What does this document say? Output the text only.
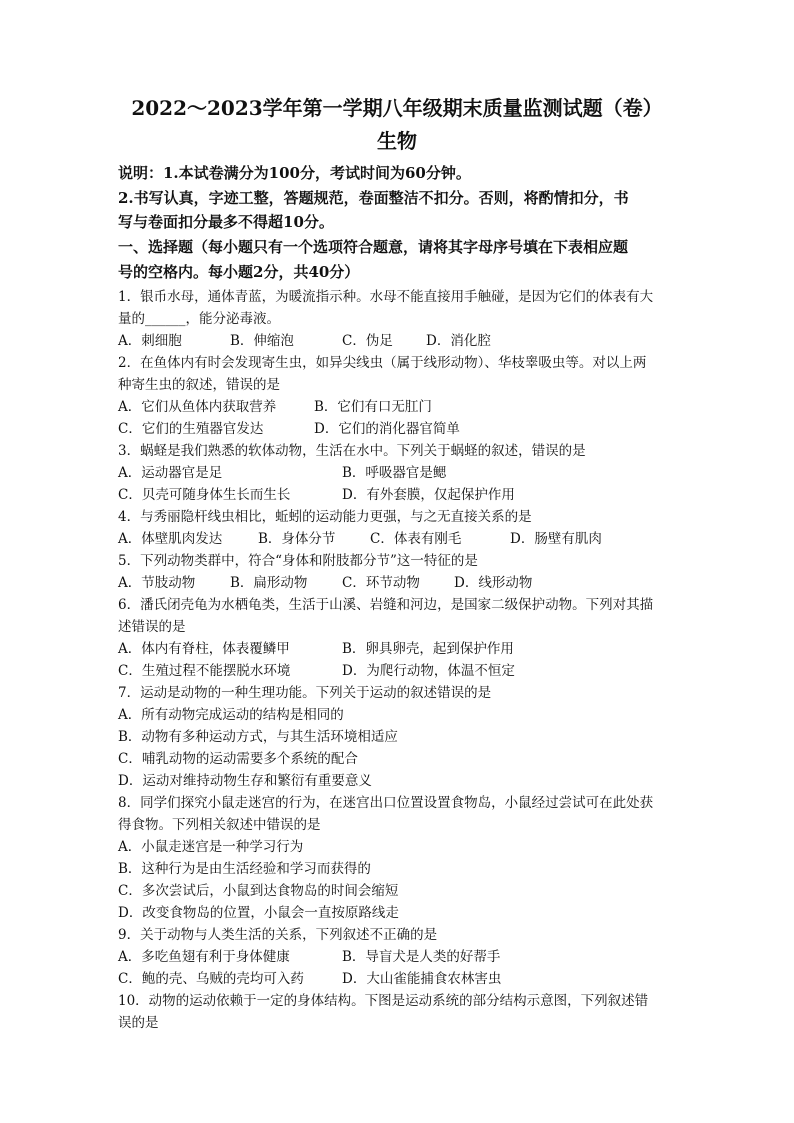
2022～2023学年第一学期八年级期末质量监测试题（卷）
生物
说明：1.本试卷满分为100分，考试时间为60分钟。
2.书写认真，字迹工整，答题规范，卷面整洁不扣分。否则，将酌情扣分，书
写与卷面扣分最多不得超10分。
一、选择题（每小题只有一个选项符合题意，请将其字母序号填在下表相应题
号的空格内。每小题2分，共40分）
1．银币水母，通体青蓝，为暖流指示种。水母不能直接用手触碰，是因为它们的体表有大
量的______，能分泌毒液。
A．刺细胞	B．伸缩泡	C．伪足 D．消化腔
2．在鱼体内有时会发现寄生虫，如异尖线虫（属于线形动物）、华枝睾吸虫等。对以上两
种寄生虫的叙述，错误的是
A．它们从鱼体内获取营养	B．它们有口无肛门
C．它们的生殖器官发达	D．它们的消化器官简单
3．蜗蛏是我们熟悉的软体动物，生活在水中。下列关于蜗蛏的叙述，错误的是
A．运动器官是足	B．呼吸器官是鳃
C．贝壳可随身体生长而生长	D．有外套膜，仅起保护作用
4．与秀丽隐杆线虫相比，蚯蚓的运动能力更强，与之无直接关系的是
A．体壁肌肉发达	B．身体分节	C．体表有刚毛	D．肠壁有肌肉
5．下列动物类群中，符合“身体和附肢都分节”这一特征的是
A．节肢动物	B．扁形动物	C．环节动物	D．线形动物
6．潘氏闭壳龟为水栖龟类，生活于山溪、岩缝和河边，是国家二级保护动物。下列对其描
述错误的是
A．体内有脊柱，体表覆鳞甲	B．卵具卵壳，起到保护作用
C．生殖过程不能摆脱水环境	D．为爬行动物，体温不恒定
7．运动是动物的一种生理功能。下列关于运动的叙述错误的是
A．所有动物完成运动的结构是相同的
B．动物有多种运动方式，与其生活环境相适应
C．哺乳动物的运动需要多个系统的配合
D．运动对维持动物生存和繁衍有重要意义
8．同学们探究小鼠走迷宫的行为，在迷宫出口位置设置食物岛，小鼠经过尝试可在此处获
得食物。下列相关叙述中错误的是
A．小鼠走迷宫是一种学习行为
B．这种行为是由生活经验和学习而获得的
C．多次尝试后，小鼠到达食物岛的时间会缩短
D．改变食物岛的位置，小鼠会一直按原路线走
9．关于动物与人类生活的关系，下列叙述不正确的是
A．多吃鱼翅有利于身体健康	B．导盲犬是人类的好帮手
C．鲍的壳、乌贼的壳均可入药	D．大山雀能捕食农林害虫
10．动物的运动依赖于一定的身体结构。下图是运动系统的部分结构示意图，下列叙述错
误的是
